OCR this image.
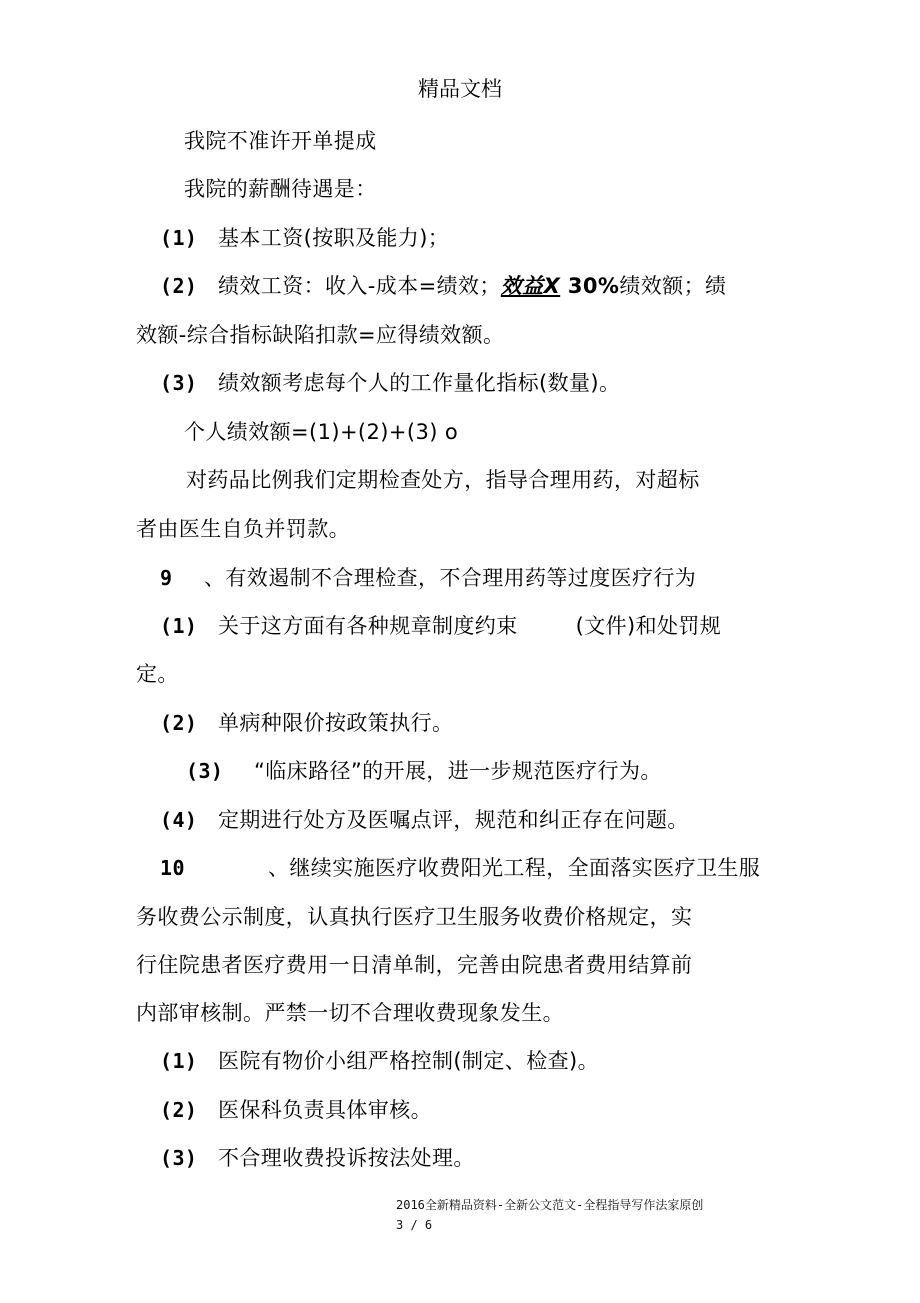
精品文档
我院不准许开单提成
我院的薪酬待遇是：
(1) 基本工资(按职及能力)；
(2) 绩效工资：收入-成本=绩效；效益X 30%绩效额；绩
效额-综合指标缺陷扣款=应得绩效额。
(3) 绩效额考虑每个人的工作量化指标(数量)。
个人绩效额=(1)+(2)+(3) o
对药品比例我们定期检查处方，指导合理用药，对超标
者由医生自负并罚款。
9 、有效遏制不合理检查，不合理用药等过度医疗行为
(1) 关于这方面有各种规章制度约束	(文件)和处罚规
定。
(2) 单病种限价按政策执行。
(3) “临床路径”的开展，进一步规范医疗行为。
(4) 定期进行处方及医嘱点评，规范和纠正存在问题。
10	、继续实施医疗收费阳光工程，全面落实医疗卫生服
务收费公示制度，认真执行医疗卫生服务收费价格规定，实
行住院患者医疗费用一日清单制，完善由院患者费用结算前
内部审核制。严禁一切不合理收费现象发生。
(1) 医院有物价小组严格控制(制定、检查)。
(2) 医保科负责具体审核。
(3) 不合理收费投诉按法处理。
2016全新精品资料-全新公文范文-全程指导写作法家原创
3 / 6
